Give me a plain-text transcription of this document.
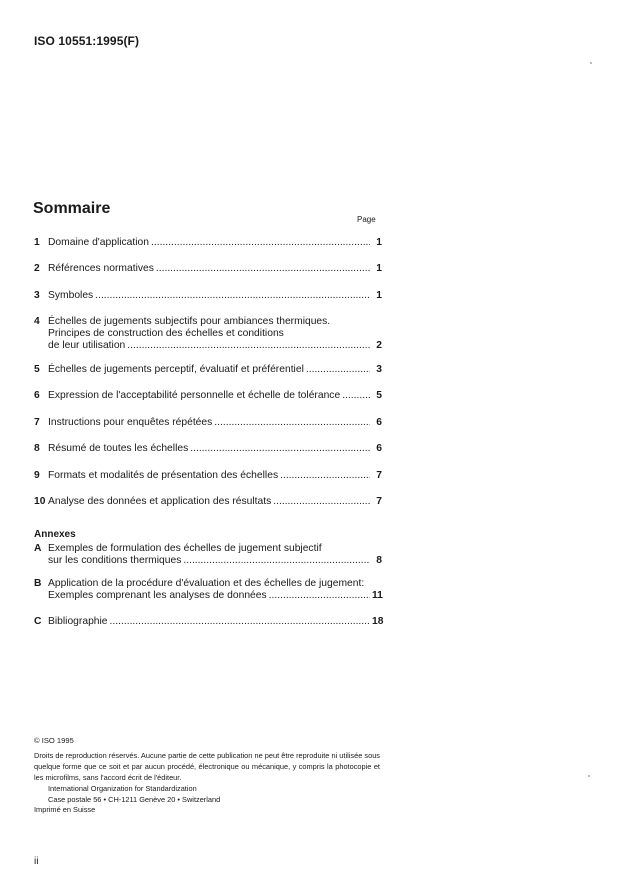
ISO 10551:1995(F)
Sommaire
Page
1 Domaine d'application .....	1
2 Références normatives .....	1
3 Symboles .....	1
4 Échelles de jugements subjectifs pour ambiances thermiques.
Principes de construction des échelles et conditions
de leur utilisation .....	2
5 Échelles de jugements perceptif, évaluatif et préférentiel .....	3
6 Expression de l'acceptabilité personnelle et échelle de tolérance .....	5
7 Instructions pour enquêtes répétées .....	6
8 Résumé de toutes les échelles .....	6
9 Formats et modalités de présentation des échelles .....	7
10 Analyse des données et application des résultats .....	7
A Exemples de formulation des échelles de jugement subjectif
sur les conditions thermiques .....	8
B Application de la procédure d'évaluation et des échelles de jugement:
Exemples comprenant les analyses de données .....	11
C Bibliographie .....	18
Annexes
© ISO 1995
Droits de reproduction réservés. Aucune partie de cette publication ne peut être reproduite ni utilisée sous quelque forme que ce soit et par aucun procédé, électronique ou mécanique, y compris la photocopie et les microfilms, sans l'accord écrit de l'éditeur.
International Organization for Standardization
Case postale 56 • CH-1211 Genève 20 • Switzerland
Imprimé en Suisse
ii
